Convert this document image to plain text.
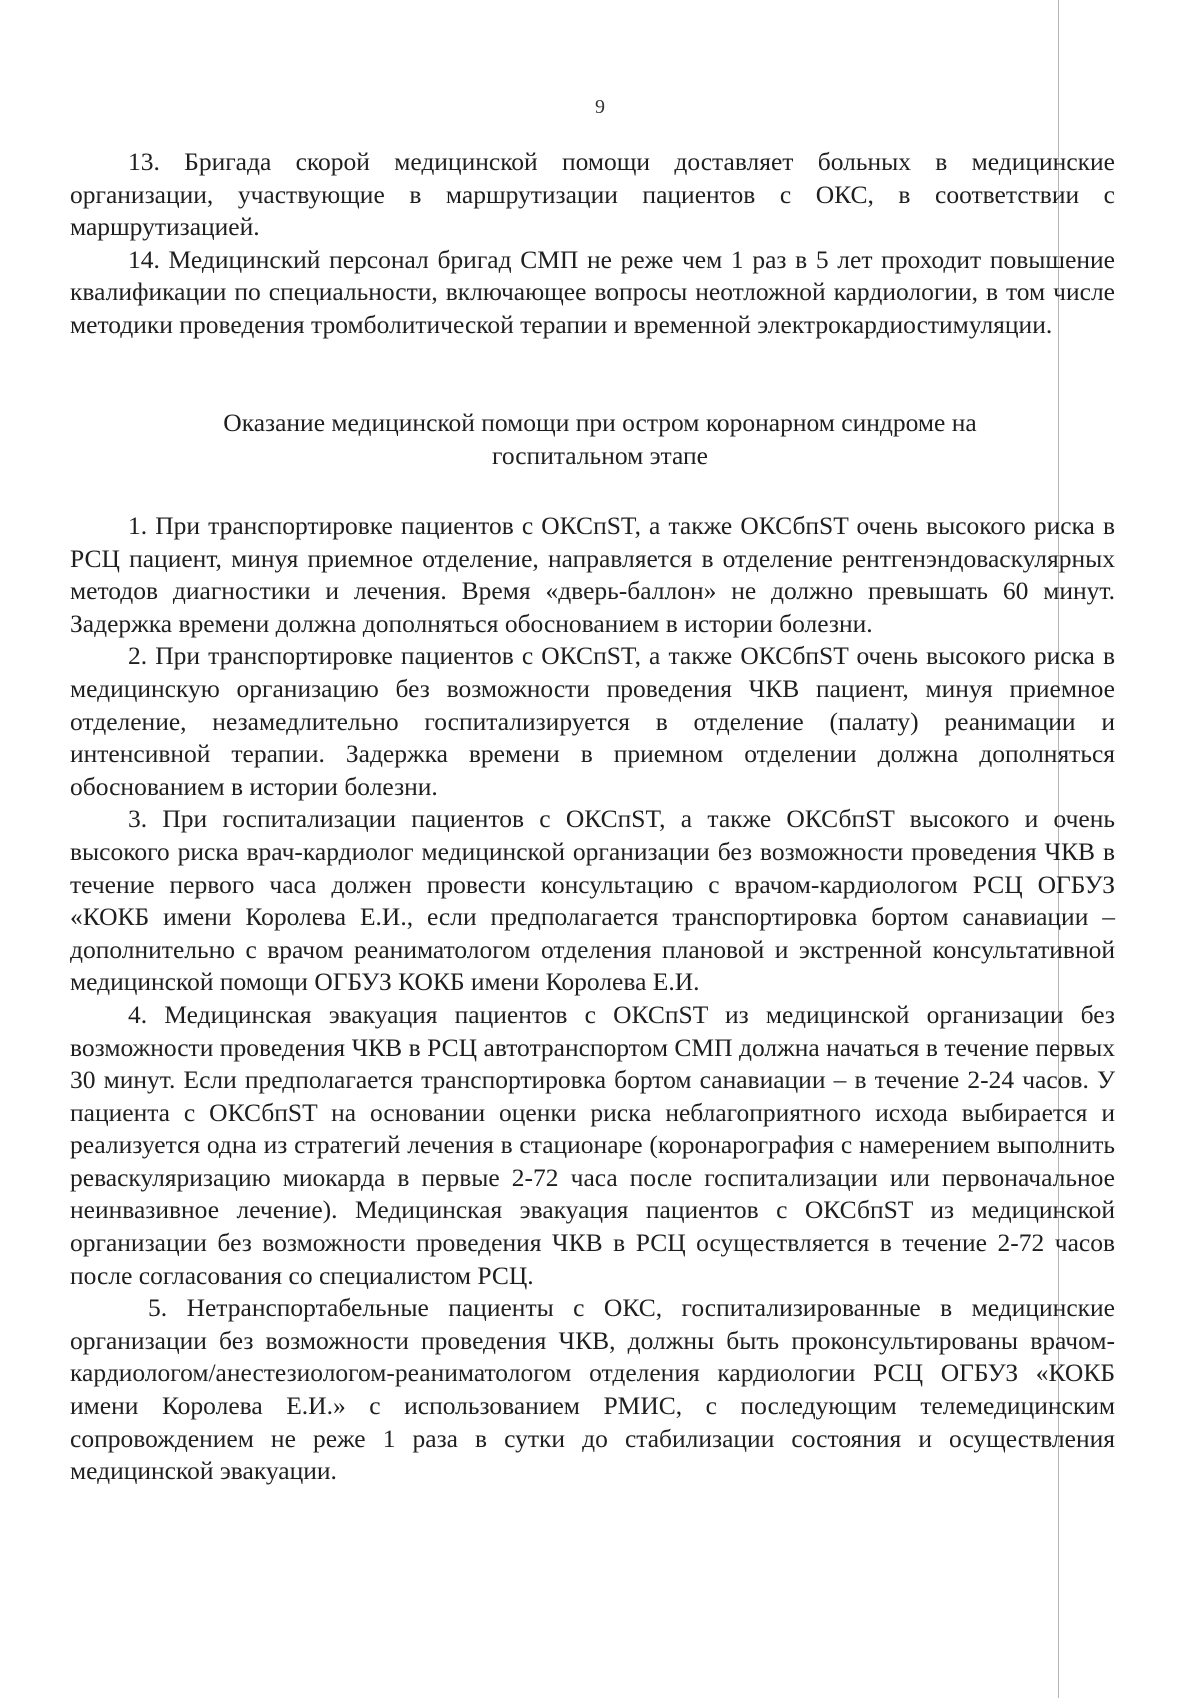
9

13. Бригада скорой медицинской помощи доставляет больных в медицинские организации, участвующие в маршрутизации пациентов с ОКС, в соответствии с маршрутизацией.

14. Медицинский персонал бригад СМП не реже чем 1 раз в 5 лет проходит повышение квалификации по специальности, включающее вопросы неотложной кардиологии, в том числе методики проведения тромболитической терапии и временной электрокардиостимуляции.

Оказание медицинской помощи при остром коронарном синдроме на госпитальном этапе

1. При транспортировке пациентов с ОКСпST, а также ОКСбпST очень высокого риска в РСЦ пациент, минуя приемное отделение, направляется в отделение рентгенэндоваскулярных методов диагностики и лечения. Время «дверь-баллон» не должно превышать 60 минут. Задержка времени должна дополняться обоснованием в истории болезни.

2. При транспортировке пациентов с ОКСпST, а также ОКСбпST очень высокого риска в медицинскую организацию без возможности проведения ЧКВ пациент, минуя приемное отделение, незамедлительно госпитализируется в отделение (палату) реанимации и интенсивной терапии. Задержка времени в приемном отделении должна дополняться обоснованием в истории болезни.

3. При госпитализации пациентов с ОКСпST, а также ОКСбпST высокого и очень высокого риска врач-кардиолог медицинской организации без возможности проведения ЧКВ в течение первого часа должен провести консультацию с врачом-кардиологом РСЦ ОГБУЗ «КОКБ имени Королева Е.И., если предполагается транспортировка бортом санавиации – дополнительно с врачом реаниматологом отделения плановой и экстренной консультативной медицинской помощи ОГБУЗ КОКБ имени Королева Е.И.

4. Медицинская эвакуация пациентов с ОКСпST из медицинской организации без возможности проведения ЧКВ в РСЦ автотранспортом СМП должна начаться в течение первых 30 минут. Если предполагается транспортировка бортом санавиации – в течение 2-24 часов. У пациента с ОКСбпST на основании оценки риска неблагоприятного исхода выбирается и реализуется одна из стратегий лечения в стационаре (коронарография с намерением выполнить реваскуляризацию миокарда в первые 2-72 часа после госпитализации или первоначальное неинвазивное лечение). Медицинская эвакуация пациентов с ОКСбпST из медицинской организации без возможности проведения ЧКВ в РСЦ осуществляется в течение 2-72 часов после согласования со специалистом РСЦ.

5. Нетранспортабельные пациенты с ОКС, госпитализированные в медицинские организации без возможности проведения ЧКВ, должны быть проконсультированы врачом-кардиологом/анестезиологом-реаниматологом отделения кардиологии РСЦ ОГБУЗ «КОКБ имени Королева Е.И.» с использованием РМИС, с последующим телемедицинским сопровождением не реже 1 раза в сутки до стабилизации состояния и осуществления медицинской эвакуации.
